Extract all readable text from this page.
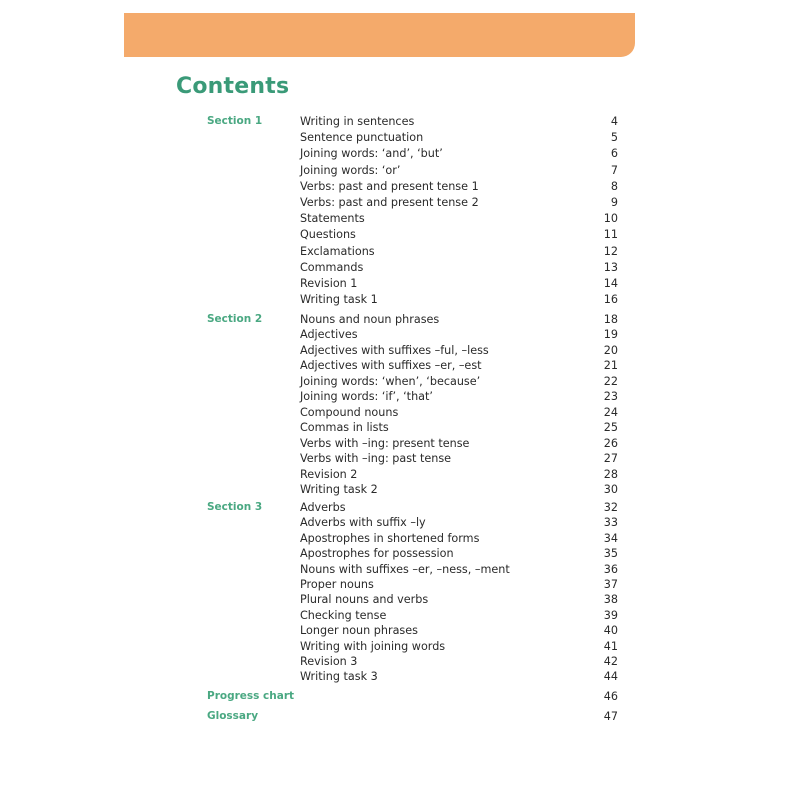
Contents
Section 1	Writing in sentences	4
Sentence punctuation	5
Joining words: ‘and’, ‘but’	6
Joining words: ‘or’	7
Verbs: past and present tense 1	8
Verbs: past and present tense 2	9
Statements	10
Questions	11
Exclamations	12
Commands	13
Revision 1	14
Writing task 1	16
Section 2	Nouns and noun phrases	18
Adjectives	19
Adjectives with suffixes –ful, –less	20
Adjectives with suffixes –er, –est	21
Joining words: ‘when’, ‘because’	22
Joining words: ‘if’, ‘that’	23
Compound nouns	24
Commas in lists	25
Verbs with –ing: present tense	26
Verbs with –ing: past tense	27
Revision 2	28
Writing task 2	30
Section 3	Adverbs	32
Adverbs with suffix –ly	33
Apostrophes in shortened forms	34
Apostrophes for possession	35
Nouns with suffixes –er, –ness, –ment	36
Proper nouns	37
Plural nouns and verbs	38
Checking tense	39
Longer noun phrases	40
Writing with joining words	41
Revision 3	42
Writing task 3	44
Progress chart	46
Glossary	47
